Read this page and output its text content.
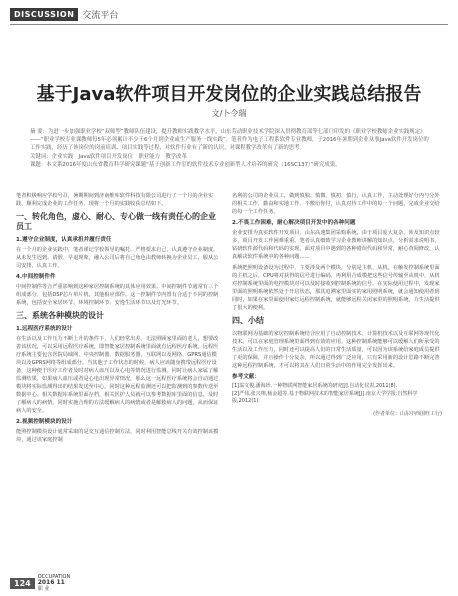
DISCUSSION 交流平台
基于Java软件项目开发岗位的企业实践总结报告
文/卜令瑞
摘 要：为进一步加强职业学校“双师型”教师队伍建设，提升教师实践教学水平，山东劳动职业技术学院深入贯彻教育部等七部门印发的《职业学校教师企业实践规定》——“职业学校专业课教师每5年必须累计不少于6个月到企业或生产服务一线实践”。笔者作为电子工程系软件专业教师，于2016年暑期到企业从事Java软件开发岗位的工作实践，经历了该岗位的岗前培训、项目实践等过程，对软件行业有了新的认识，对课程教学改革有了新的思考。
关键词：企业实践　Java软件项目开发岗位　职业能力　教学改革
课题：本文系2016年度山东省教育科学研究课题“基于创新工作室的软件技术专业创新型人才培养的研究（16SC137）”研究成果。

笔者积极响应学校号召，暑期期间到济南维库软件科技有限公司进行了一个月的企业实践，顺利完成企业的工作任务，现将一个月的实践收获总结如下。

一、转化角色，虚心、耐心、专心做一线有责任心的企业员工
1.遵守企业制度，认真承担并履行责任

在一个月的企业实践中，笔者谨记学校领导的嘱托，严格要求自己，认真遵守企业制度，从未发生迟到、请假、早退现象，融入公司后将自己角色由教师转换为企业员工，服从公司安排，认真工作。

4.中间控制件件

中间控制件等合严重影响到这种家居控制系统的具体应用效果。中间控制件节通常有三个组成部分，包括DSP芯片单片机，其他相应部件。这一控制件节内置有合适于不同的控制系统，包括安全家居环节、环境控制环节、安逸生活环节以及灯光环节。

三、系统各种模块的设计
1.远程医疗系统的设计

在生活以及工作压力不断上升的条件下，人们经常出差，无法照顾家里面的老人，想要改善该状况，可以采用远程医疗系统，即智能家居控制系统里面就有远程医疗系统。远程医疗系统主要包含医院局域网、中央控制器、数据服务器、互联网以及网络、GPRS通信模块以及GPRS网络等组成部分。当其他子工作状态的时候，病人应该随身携带远程医疗设备，这种便于医疗工作者及时对病人血压以及心电等情况进行监测。同时让病人家属了解监测结果，如果病人血压或者是心电出现异常情况，那么这一远程医疗系统将会自动通过模块将实际监测得出的结果发送至中心。同时这种远程监测还可以把监测到的参数传送至数据中心。相关数据库系统里面存档，相关医护人员就可以参考数据库里面的信息，及时了解病人的病情，同时实施合理的方法缓解病人的病情或者是解救病人的问题，从而保证病人的安全。

2.视频控制模块的设计

能照控制模块设计通常采取的是交互通信控制方法，同时利用智能总线开关有效控制该模块，通过该家庭控制

名利的公司的企业员工，做到慎独、慎微、慎初、慎行，认真工作，主动处理好分内与分外的相关工作，勤奋和实地工作，不敷衍你付，认真对待工作中的每一个问题，完成企业交给的每一个工作任务。

2.不畏工作困难，耐心解决项目开发中的各种问题

企业安排为真实软件开发项目，山东高速集团采购系统，由于项目庞大复杂，涉及知识点较多，项目开发工作困难重重。笔者认真细致学习企业教师讲解的知识点，分析需求说明书，钻研软件源代码和代码的实现，面对项目中遇到的各种错误代码和异常，耐心查阅修改，认真解决软件系统中的各种问题……

系统把照明设备设为过程中，主要涉及两个模块，分别是主机、从机。在触发控制系统里面的主机之后，CPU将对获得的信号进行编码，再利用合成模把这些信号传输至从机中，从机对控制系统里面的电控模块对可以及时接收到控制系统的信号，在实际使用过程中，发现家里面的照明系统依然处于开启状态，那其追溯家里面实的家用照明系统，就会通知使用者到同时，如果在家里面使用家灯远程控制系统，就能够远程关闭家里的照明系统，力生活提供了很大的便利。

四、小结

以物联网为基础的家居控制系统结合应用了自动控制技术、计算机技术以及互联网等现代化技术。可以在家庭管理系统里面得到有效的应用。这种控制系统能够可以缓解人们所承受的生活以及工作压力，同时还可以提高人们的日常生活质量，可以因为该系统给家庭成员提供了更的保障，并且操作十分复杂，所以通过得到广泛应用，只有采用新的设计思路不断完善这种远程控制系统，才可以将其在人们日常生活中的作用完全发挥出来。

参考文献：
[1]翁文俊,潘海珍.一种物联网智能家居系统的研究[J].自动化仪表,2011(8).
[2]严伟,张兴翔,杨金超等.基于物联网技术的智能家居系统[J].南京大学学报:自然科学版,2012(1).
(作者单位：山东中西国旺工行)
124
OCCUPATION
2016 11
职 业
